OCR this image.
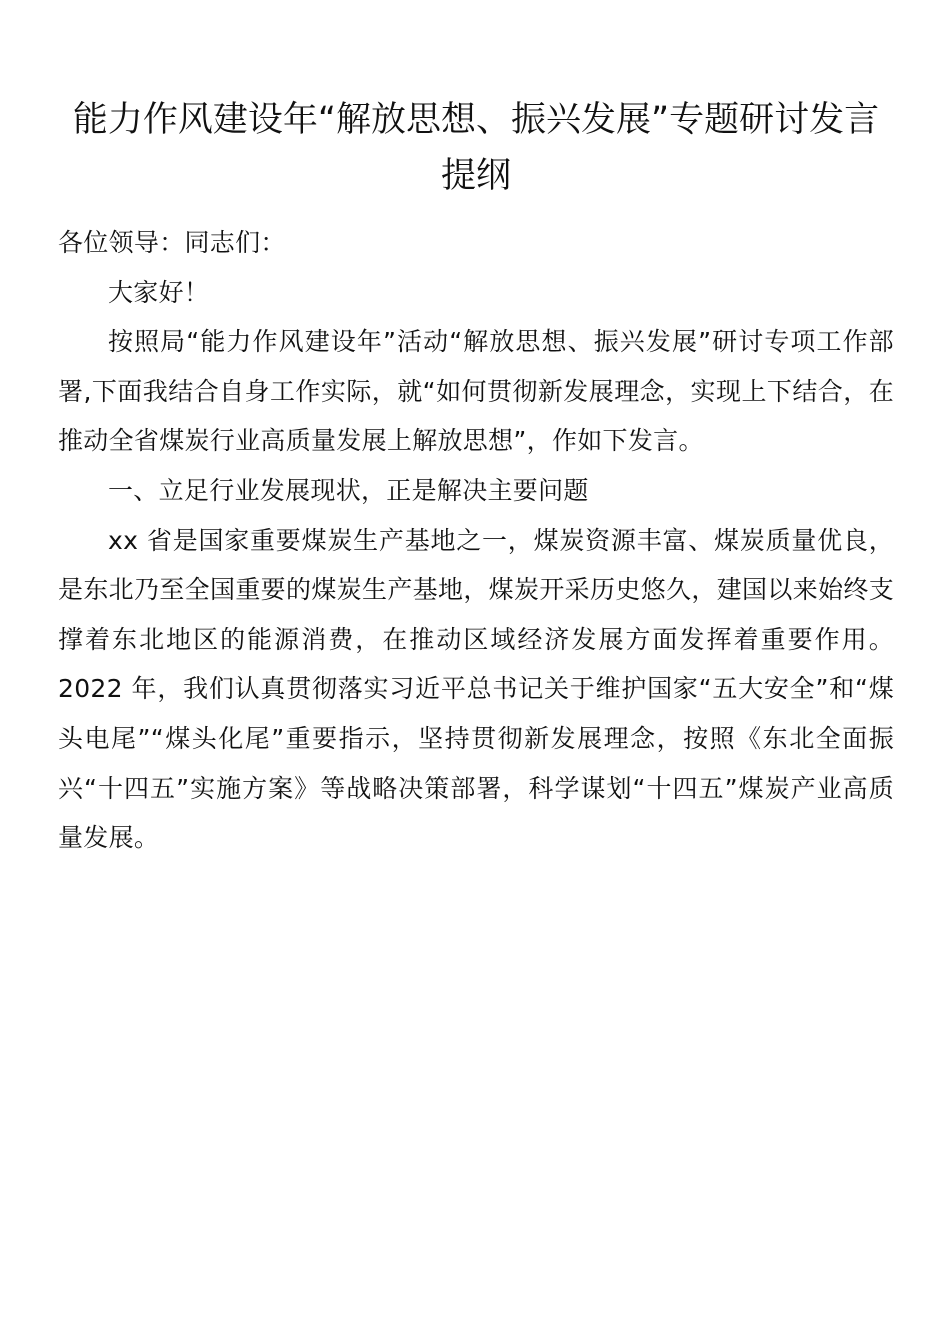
能力作风建设年“解放思想、振兴发展”专题研讨发言提纲

各位领导：同志们：

大家好！

按照局“能力作风建设年”活动“解放思想、振兴发展”研讨专项工作部署,下面我结合自身工作实际，就“如何贯彻新发展理念，实现上下结合，在推动全省煤炭行业高质量发展上解放思想”，作如下发言。

一、立足行业发展现状，正是解决主要问题

xx 省是国家重要煤炭生产基地之一，煤炭资源丰富、煤炭质量优良，是东北乃至全国重要的煤炭生产基地，煤炭开采历史悠久，建国以来始终支撑着东北地区的能源消费，在推动区域经济发展方面发挥着重要作用。2022 年，我们认真贯彻落实习近平总书记关于维护国家“五大安全”和“煤头电尾”“煤头化尾”重要指示，坚持贯彻新发展理念，按照《东北全面振兴“十四五”实施方案》等战略决策部署，科学谋划“十四五”煤炭产业高质量发展。
